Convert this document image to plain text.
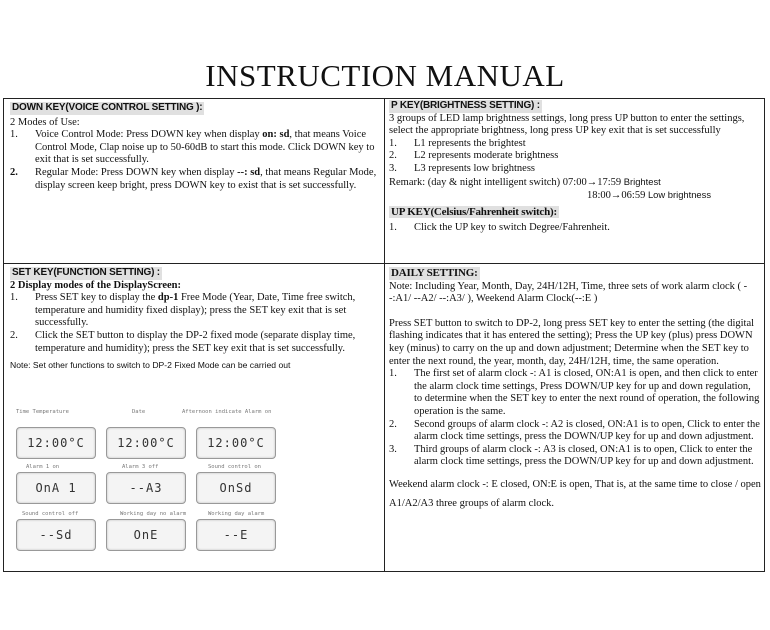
INSTRUCTION MANUAL
DOWN KEY(VOICE CONTROL SETTING ):

2 Modes of Use:

1.	Voice Control Mode: Press DOWN key when display on: sd, that means Voice Control Mode, Clap noise up to 50-60dB to start this mode. Click DOWN key to exit that is set successfully.
2.	Regular Mode: Press DOWN key when display --: sd, that means Regular Mode, display screen keep bright, press DOWN key to exist that is set successfully.
P KEY(BRIGHTNESS SETTING) :

3 groups of LED lamp brightness settings, long press UP button to enter the settings, select the appropriate brightness, long press UP key exit that is set successfully

1.	L1 represents the brightest
2.	L2 represents moderate brightness
3.	L3 represents low brightness

Remark: (day & night intelligent switch) 07:00→17:59 Brightest

18:00→06:59 Low brightness

UP KEY(Celsius/Fahrenheit switch):
1.	Click the UP key to switch Degree/Fahrenheit.
SET KEY(FUNCTION SETTING) :

2 Display modes of the DisplayScreen:

1.	Press SET key to display the dp-1 Free Mode (Year, Date, Time free switch, temperature and humidity fixed display); press the SET key exit that is set successfully.
2.	Click the SET button to display the DP-2 fixed mode (separate display time, temperature and humidity); press the SET key exit that is set successfully.

Note: Set other functions to switch to DP-2 Fixed Mode can be carried out

Time Temperature
12:00°C
Date
12:00°C
Afternoon indicate Alarm on
12:00°C
Alarm 1 on
OnA 1
Alarm 3 off
--A3
Sound control on
OnSd
Sound control off
--Sd
Working day no alarm
OnE
Working day alarm
--E
DAILY SETTING:

Note: Including Year, Month, Day, 24H/12H, Time, three sets of work alarm clock ( --:A1/ --A2/ --:A3/ ), Weekend Alarm Clock(--:E )

Press SET button to switch to DP-2, long press SET key to enter the setting (the digital flashing indicates that it has entered the setting); Press the UP key (plus) press DOWN key (minus) to carry on the up and down adjustment; Determine when the SET key to enter the next round, the year, month, day, 24H/12H, time, the same operation.

1.	The first set of alarm clock -: A1 is closed, ON:A1 is open, and then click to enter the alarm clock time settings, Press DOWN/UP key for up and down regulation, to determine when the SET key to enter the next round of operation, the following operation is the same.
2.	Second groups of alarm clock -: A2 is closed, ON:A1 is to open, Click to enter the alarm clock time settings, press the DOWN/UP key for up and down adjustment.
3.	Third groups of alarm clock -: A3 is closed, ON:A1 is to open, Click to enter the alarm clock time settings, press the DOWN/UP key for up and down adjustment.

Weekend alarm clock -: E closed, ON:E is open, That is, at the same time to close / open A1/A2/A3 three groups of alarm clock.
